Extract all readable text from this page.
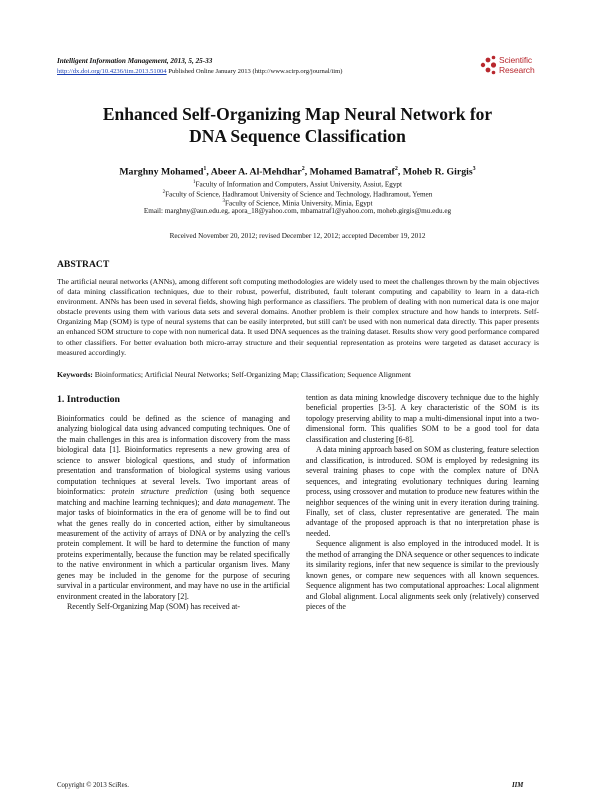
Intelligent Information Management, 2013, 5, 25-33
http://dx.doi.org/10.4236/iim.2013.51004 Published Online January 2013 (http://www.scirp.org/journal/iim)
Scientific
Research
Enhanced Self-Organizing Map Neural Network for
DNA Sequence Classification
Marghny Mohamed$^1$, Abeer A. Al-Mehdhar$^2$, Mohamed Bamatraf$^2$, Moheb R. Girgis$^3$
$^1$Faculty of Information and Computers, Assiut University, Assiut, Egypt
$^2$Faculty of Science, Hadhramout University of Science and Technology, Hadhramout, Yemen
$^3$Faculty of Science, Minia University, Minia, Egypt
Email: marghny@aun.edu.eg, apora_18@yahoo.com, mbamatraf1@yahoo.com, moheb.girgis@mu.edu.eg
Received November 20, 2012; revised December 12, 2012; accepted December 19, 2012
ABSTRACT
The artificial neural networks (ANNs), among different soft computing methodologies are widely used to meet the challenges thrown by the main objectives of data mining classification techniques, due to their robust, powerful, distributed, fault tolerant computing and capability to learn in a data-rich environment. ANNs has been used in several fields, showing high performance as classifiers. The problem of dealing with non numerical data is one major obstacle prevents using them with various data sets and several domains. Another problem is their complex structure and how hands to interprets. Self-Organizing Map (SOM) is type of neural systems that can be easily interpreted, but still can't be used with non numerical data directly. This paper presents an enhanced SOM structure to cope with non numerical data. It used DNA sequences as the training dataset. Results show very good performance compared to other classifiers. For better evaluation both micro-array structure and their sequential representation as proteins were targeted as dataset accuracy is measured accordingly.
Keywords: Bioinformatics; Artificial Neural Networks; Self-Organizing Map; Classification; Sequence Alignment
1. Introduction

Bioinformatics could be defined as the science of managing and analyzing biological data using advanced computing techniques. One of the main challenges in this area is information discovery from the mass biological data [1]. Bioinformatics represents a new growing area of science to answer biological questions, and study of information presentation and transformation of biological systems using various computation techniques at several levels. Two important areas of bioinformatics: protein structure prediction (using both sequence matching and machine learning techniques); and data management. The major tasks of bioinformatics in the era of genome will be to find out what the genes really do in concerted action, either by simultaneous measurement of the activity of arrays of DNA or by analyzing the cell's protein complement. It will be hard to determine the function of many proteins experimentally, because the function may be related specifically to the native environment in which a particular organism lives. Many genes may be included in the genome for the purpose of securing survival in a particular environment, and may have no use in the artificial environment created in the laboratory [2].

Recently Self-Organizing Map (SOM) has received at-

tention as data mining knowledge discovery technique due to the highly beneficial properties [3-5]. A key characteristic of the SOM is its topology preserving ability to map a multi-dimensional input into a two-dimensional form. This qualifies SOM to be a good tool for data classification and clustering [6-8].

A data mining approach based on SOM as clustering, feature selection and classification, is introduced. SOM is employed by redesigning its several training phases to cope with the complex nature of DNA sequences, and integrating evolutionary techniques during learning process, using crossover and mutation to produce new features within the neighbor sequences of the wining unit in every iteration during training. Finally, set of class, cluster representative are generated. The main advantage of the proposed approach is that no interpretation phase is needed.

Sequence alignment is also employed in the introduced model. It is the method of arranging the DNA sequence or other sequences to indicate its similarity regions, infer that new sequence is similar to the previously known genes, or compare new sequences with all known sequences. Sequence alignment has two computational approaches: Local alignment and Global alignment. Local alignments seek only (relatively) conserved pieces of the

Copyright © 2013 SciRes.	IIM
